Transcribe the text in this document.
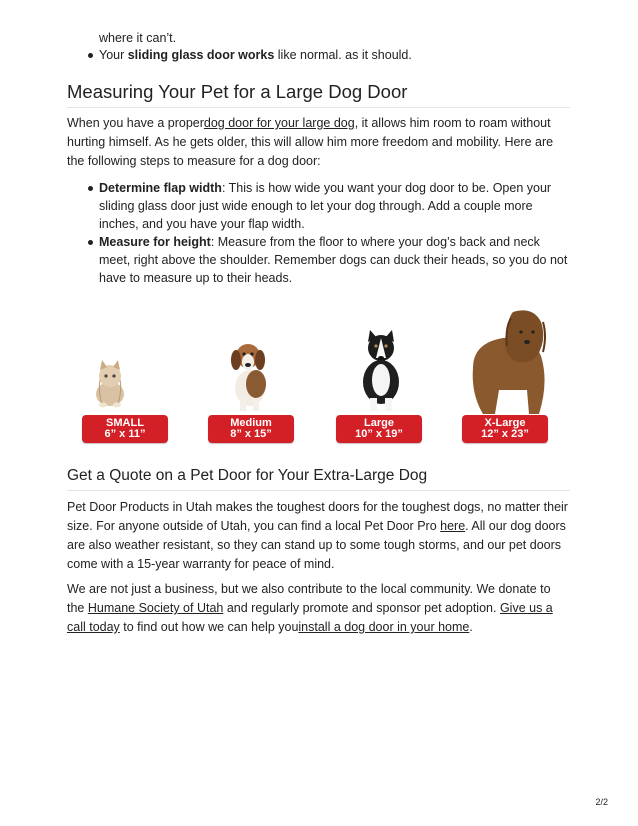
where it can’t.
Your sliding glass door works like normal. as it should.
Measuring Your Pet for a Large Dog Door

When you have a properdog door for your large dog, it allows him room to roam without hurting himself. As he gets older, this will allow him more freedom and mobility. Here are the following steps to measure for a dog door:

Determine flap width: This is how wide you want your dog door to be. Open your sliding glass door just wide enough to let your dog through. Add a couple more inches, and you have your flap width.
Measure for height: Measure from the floor to where your dog’s back and neck meet, right above the shoulder. Remember dogs can duck their heads, so you do not have to measure up to their heads.
SMALL
6” x 11”
Medium
8” x 15”
Large
10” x 19”
X-Large
12” x 23”
Get a Quote on a Pet Door for Your Extra-Large Dog

Pet Door Products in Utah makes the toughest doors for the toughest dogs, no matter their size. For anyone outside of Utah, you can find a local Pet Door Pro here. All our dog doors are also weather resistant, so they can stand up to some tough storms, and our pet doors come with a 15-year warranty for peace of mind.

We are not just a business, but we also contribute to the local community. We donate to the Humane Society of Utah and regularly promote and sponsor pet adoption. Give us a call today to find out how we can help youinstall a dog door in your home.

2/2
